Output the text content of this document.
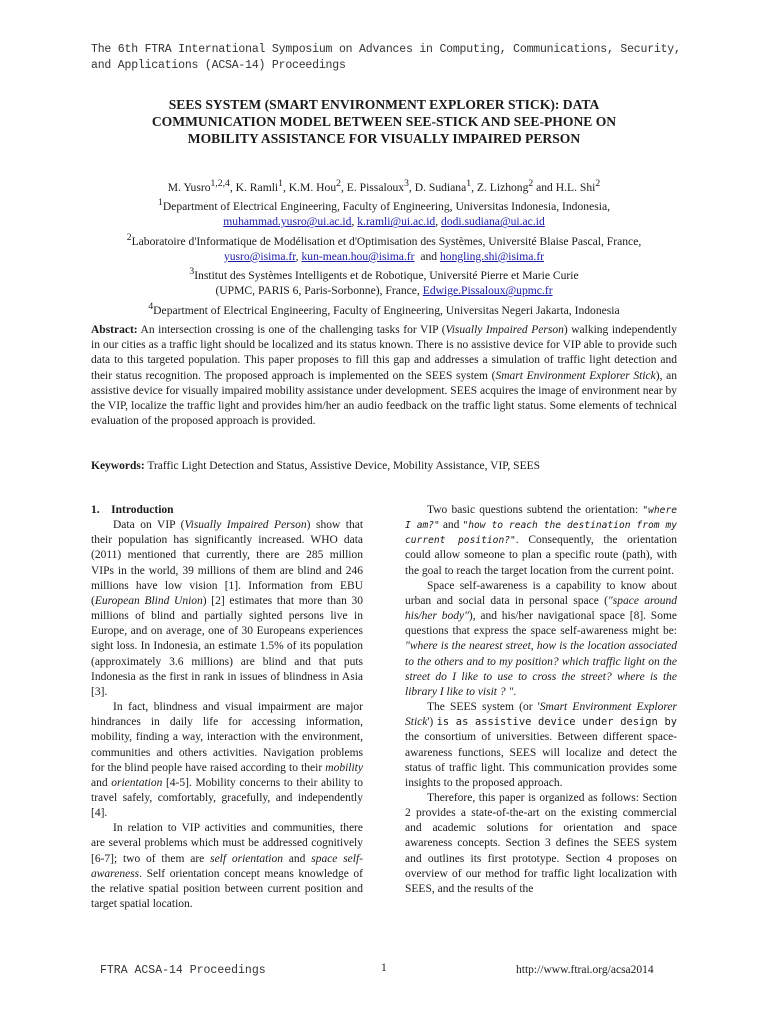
The 6th FTRA International Symposium on Advances in Computing, Communications, Security,
and Applications (ACSA-14) Proceedings
SEES SYSTEM (SMART ENVIRONMENT EXPLORER STICK): DATA
COMMUNICATION MODEL BETWEEN SEE-STICK AND SEE-PHONE ON
MOBILITY ASSISTANCE FOR VISUALLY IMPAIRED PERSON
M. Yusro$^{1,2,4}$, K. Ramli$^1$, K.M. Hou$^2$, E. Pissaloux$^3$, D. Sudiana$^1$, Z. Lizhong$^2$ and H.L. Shi$^2$
$^1$Department of Electrical Engineering, Faculty of Engineering, Universitas Indonesia, Indonesia,
muhammad.yusro@ui.ac.id, k.ramli@ui.ac.id, dodi.sudiana@ui.ac.id
$^2$Laboratoire d'Informatique de Modélisation et d'Optimisation des Systèmes, Université Blaise Pascal, France,
yusro@isima.fr, kun-mean.hou@isima.fr  and hongling.shi@isima.fr
$^3$Institut des Systèmes Intelligents et de Robotique, Université Pierre et Marie Curie
(UPMC, PARIS 6, Paris-Sorbonne), France, Edwige.Pissaloux@upmc.fr
$^4$Department of Electrical Engineering, Faculty of Engineering, Universitas Negeri Jakarta, Indonesia
Abstract: An intersection crossing is one of the challenging tasks for VIP (Visually Impaired Person) walking independently in our cities as a traffic light should be localized and its status known. There is no assistive device for VIP able to provide such data to this targeted population. This paper proposes to fill this gap and addresses a simulation of traffic light detection and their status recognition. The proposed approach is implemented on the SEES system (Smart Environment Explorer Stick), an assistive device for visually impaired mobility assistance under development. SEES acquires the image of environment near by the VIP, localize the traffic light and provides him/her an audio feedback on the traffic light status. Some elements of technical evaluation of the proposed approach is provided.
Keywords: Traffic Light Detection and Status, Assistive Device, Mobility Assistance, VIP, SEES

1.    Introduction

Data on VIP (Visually Impaired Person) show that their population has significantly increased. WHO data (2011) mentioned that currently, there are 285 million VIPs in the world, 39 millions of them are blind and 246 millions have low vision [1]. Information from EBU (European Blind Union) [2] estimates that more than 30 millions of blind and partially sighted persons live in Europe, and on average, one of 30 Europeans experiences sight loss. In Indonesia, an estimate 1.5% of its population (approximately 3.6 millions) are blind and that puts Indonesia as the first in rank in issues of blindness in Asia [3].

In fact, blindness and visual impairment are major hindrances in daily life for accessing information, mobility, finding a way, interaction with the environment, communities and others activities. Navigation problems for the blind people have raised according to their mobility and orientation [4-5]. Mobility concerns to their ability to travel safely, comfortably, gracefully, and independently [4].

In relation to VIP activities and communities, there are several problems which must be addressed cognitively [6-7]; two of them are self orientation and space self-awareness. Self orientation concept means knowledge of the relative spatial position between current position and target spatial location.

Two basic questions subtend the orientation: "where I am?" and "how to reach the destination from my current position?". Consequently, the orientation could allow someone to plan a specific route (path), with the goal to reach the target location from the current point.

Space self-awareness is a capability to know about urban and social data in personal space ("space around his/her body"), and his/her navigational space [8]. Some questions that express the space self-awareness might be: "where is the nearest street, how is the location associated to the others and to my position? which traffic light on the street do I like to use to cross the street? where is the library I like to visit ? ".

The SEES system (or 'Smart Environment Explorer Stick') is as assistive device under design by the consortium of universities. Between different space-awareness functions, SEES will localize and detect the status of traffic light. This communication provides some insights to the proposed approach.

Therefore, this paper is organized as follows: Section 2 provides a state-of-the-art on the existing commercial and academic solutions for orientation and space awareness concepts. Section 3 defines the SEES system and outlines its first prototype. Section 4 proposes on overview of our method for traffic light localization with SEES, and the results of the

FTRA ACSA-14 Proceedings	1	http://www.ftrai.org/acsa2014
